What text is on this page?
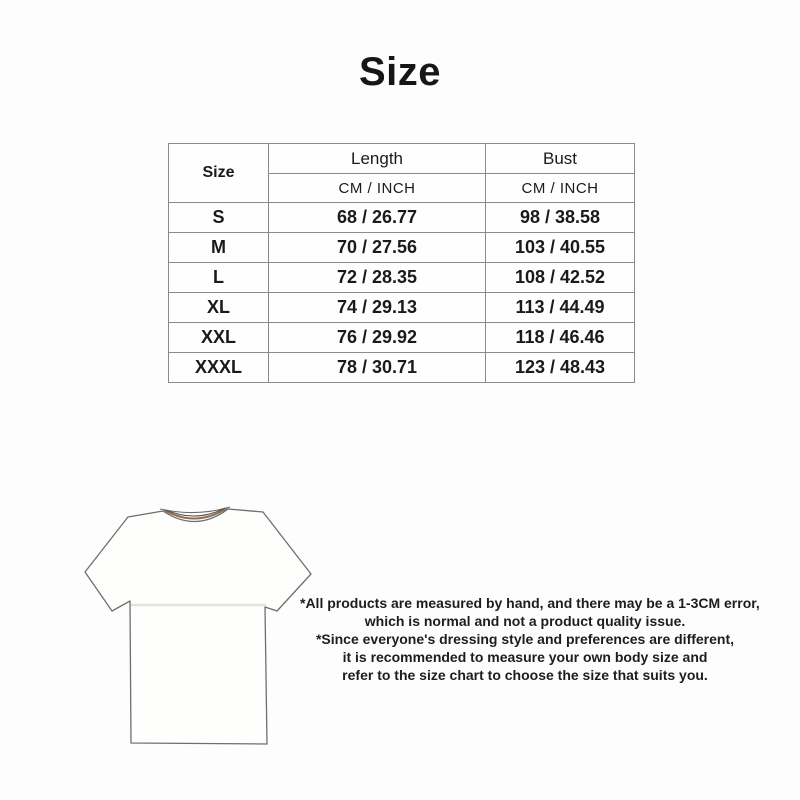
Size
Size	Length	Bust
	CM / INCH	CM / INCH
S	68 / 26.77	98 / 38.58
M	70 / 27.56	103 / 40.55
L	72 / 28.35	108 / 42.52
XL	74 / 29.13	113 / 44.49
XXL	76 / 29.92	118 / 46.46
XXXL	78 / 30.71	123 / 48.43
*All products are measured by hand, and there may be a 1-3CM error,
which is normal and not a product quality issue.
*Since everyone's dressing style and preferences are different,
it is recommended to measure your own body size and
refer to the size chart to choose the size that suits you.
